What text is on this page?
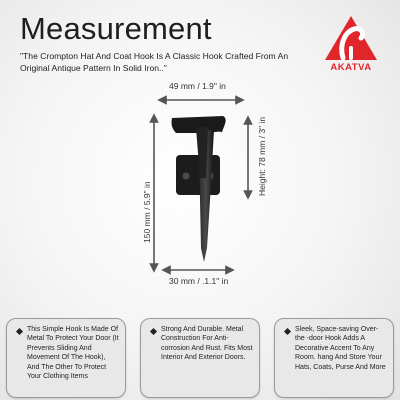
Measurement

"The Crompton Hat And Coat Hook Is A Classic Hook Crafted From An Original Antique Pattern In Solid Iron.."	AKATVA
49 mm / 1.9" in
Height: 78 mm / 3" in
150 mm / 5.9" in
30 mm / .1.1" in

This Simple Hook Is Made Of Metal To Protect Your Door (It Prevents Sliding And Movement Of The Hook), And The Other To Protect Your Clothing Items

Strong And Durable. Metal Construction For Anti-corrosion And Rust. Fits Most Interior And Exterior Doors.

Sleek, Space-saving Over-the -door Hook Adds A Decorative Accent To Any Room. hang And Store Your Hats, Coats, Purse And More
